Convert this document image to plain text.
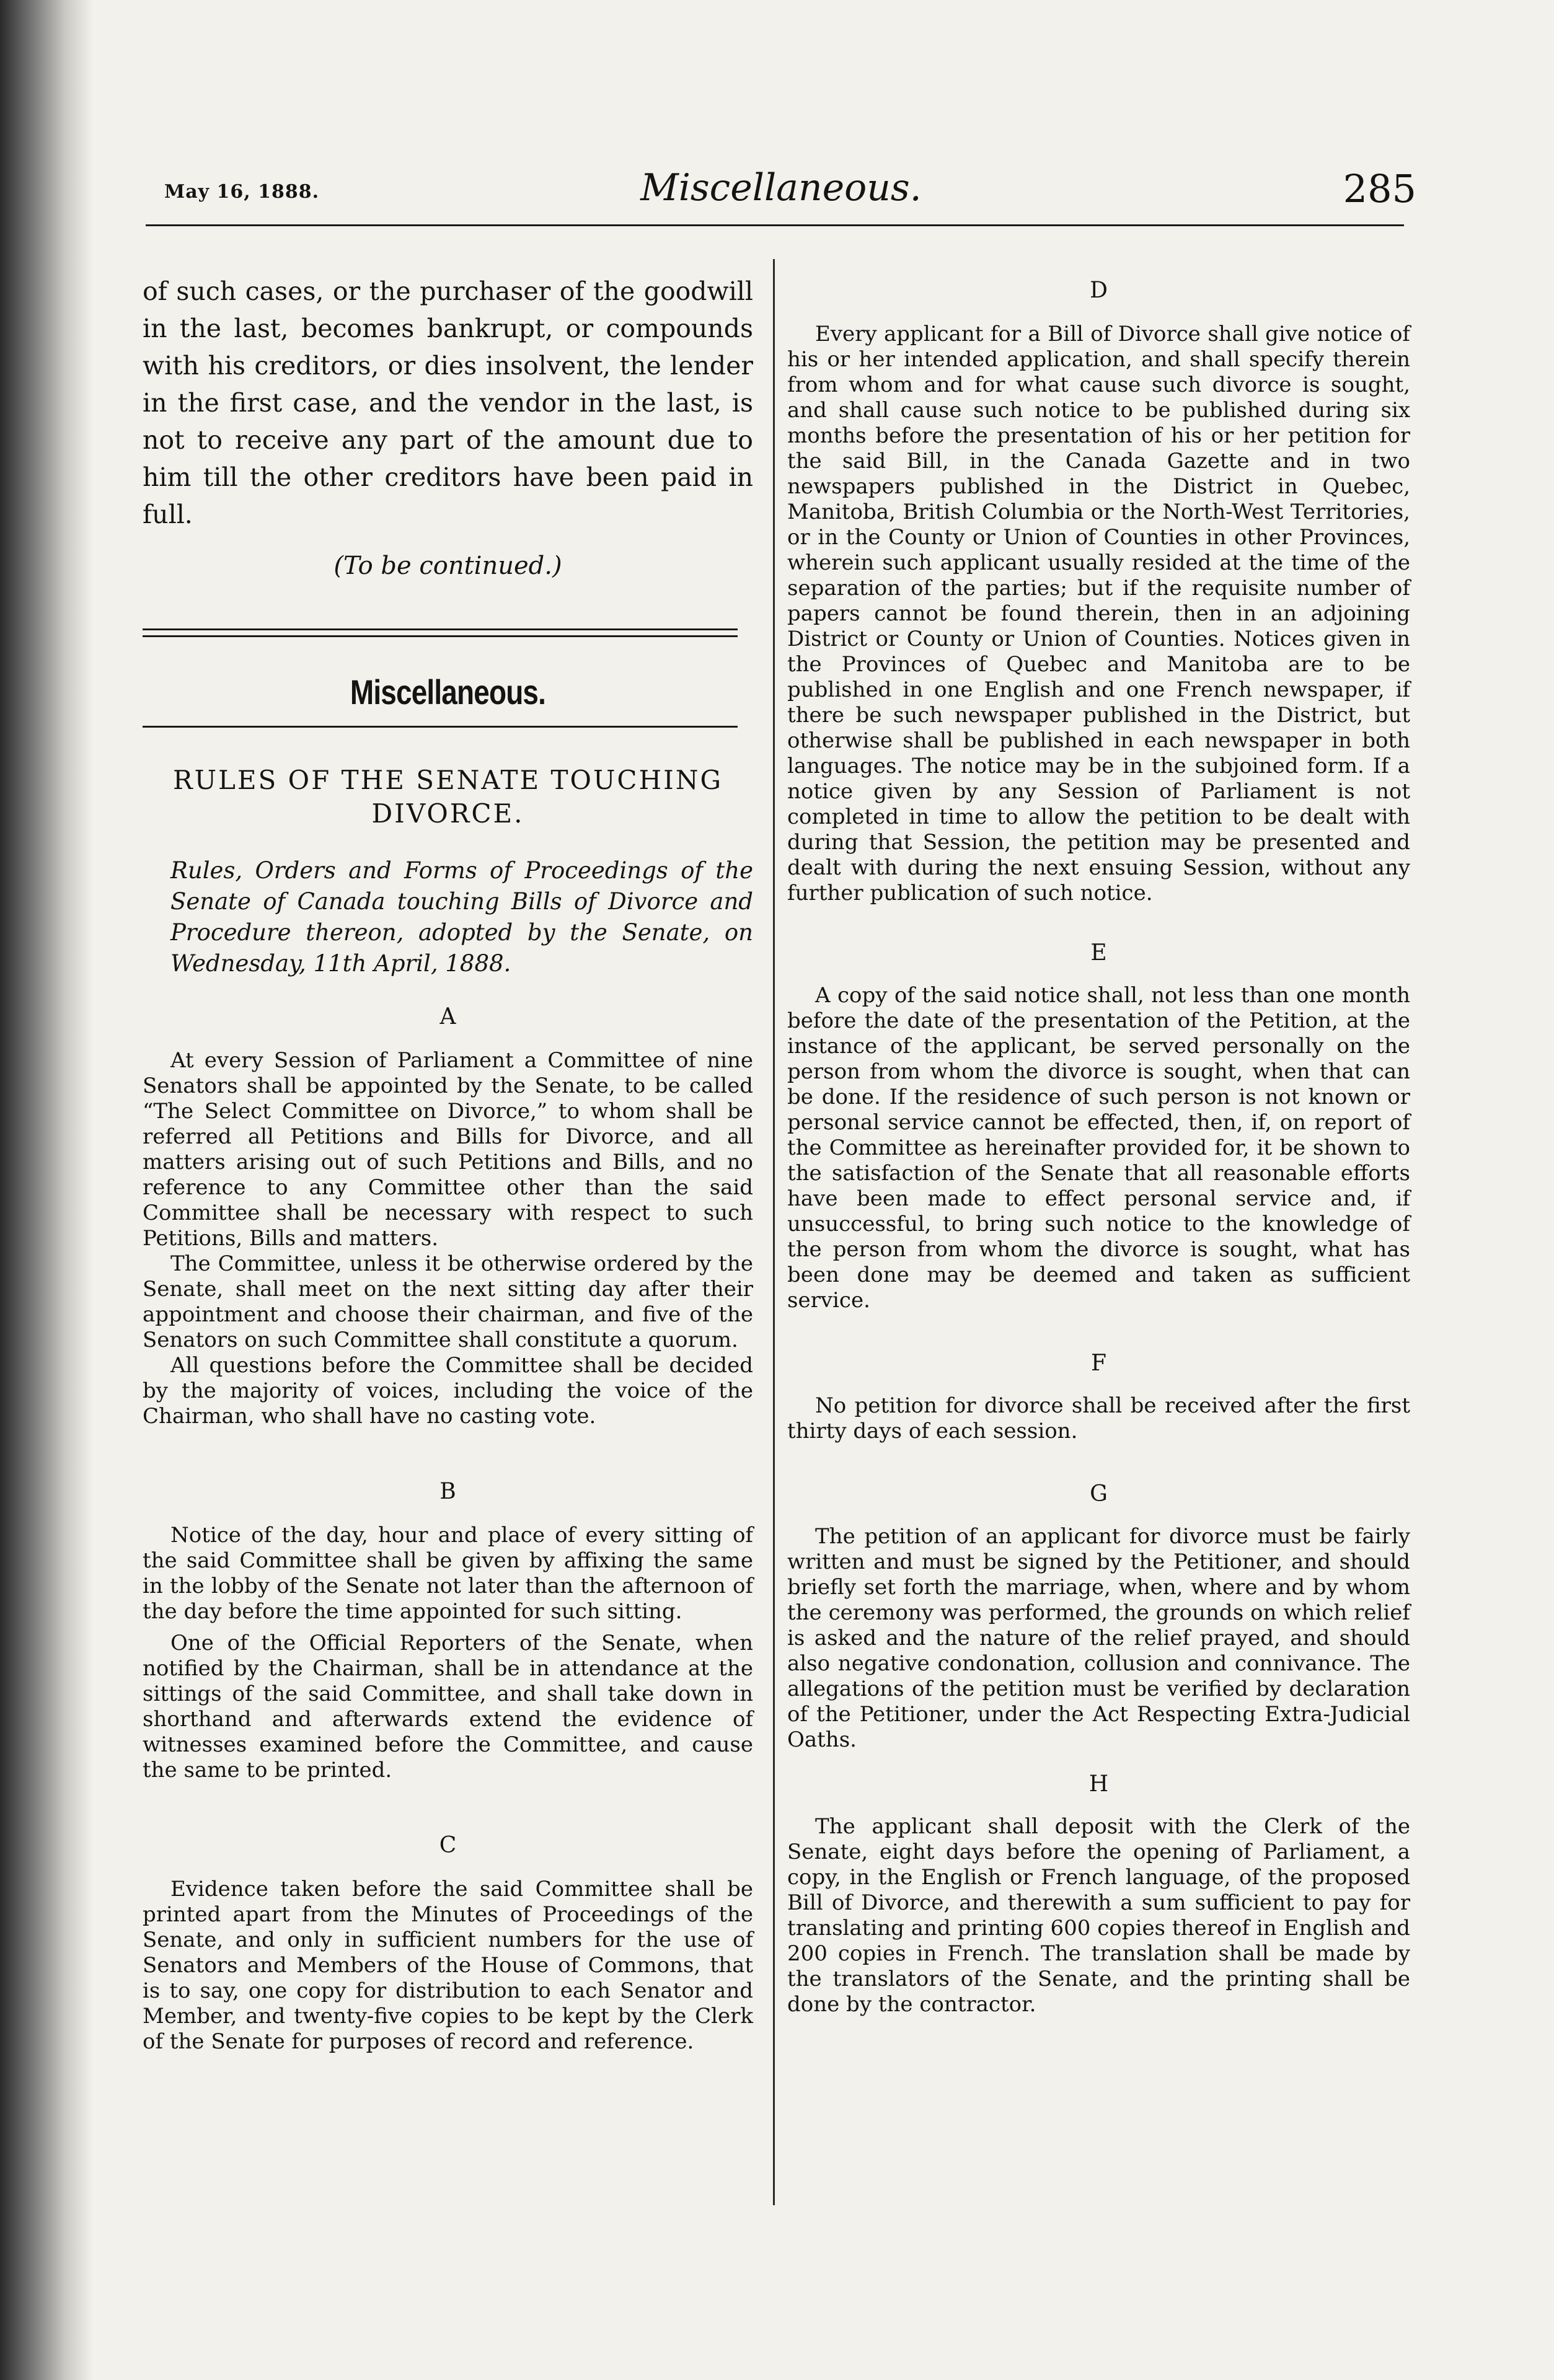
May 16, 1888.	Miscellaneous.	285

of such cases, or the purchaser of the goodwill in the last, becomes bankrupt, or compounds with his creditors, or dies insolvent, the lender in the first case, and the vendor in the last, is not to receive any part of the amount due to him till the other creditors have been paid in full.

(To be continued.)
Miscellaneous.
RULES OF THE SENATE TOUCHING DIVORCE.

Rules, Orders and Forms of Proceedings of the Senate of Canada touching Bills of Divorce and Procedure thereon, adopted by the Senate, on Wednesday, 11th April, 1888.

A

At every Session of Parliament a Committee of nine Senators shall be appointed by the Senate, to be called “The Select Committee on Divorce,” to whom shall be referred all Petitions and Bills for Divorce, and all matters arising out of such Petitions and Bills, and no reference to any Committee other than the said Committee shall be necessary with respect to such Petitions, Bills and matters.

The Committee, unless it be otherwise ordered by the Senate, shall meet on the next sitting day after their appointment and choose their chairman, and five of the Senators on such Committee shall constitute a quorum.

All questions before the Committee shall be decided by the majority of voices, including the voice of the Chairman, who shall have no casting vote.

B

Notice of the day, hour and place of every sitting of the said Committee shall be given by affixing the same in the lobby of the Senate not later than the afternoon of the day before the time appointed for such sitting.

One of the Official Reporters of the Senate, when notified by the Chairman, shall be in attendance at the sittings of the said Committee, and shall take down in shorthand and afterwards extend the evidence of witnesses examined before the Committee, and cause the same to be printed.

C

Evidence taken before the said Committee shall be printed apart from the Minutes of Proceedings of the Senate, and only in sufficient numbers for the use of Senators and Members of the House of Commons, that is to say, one copy for distribution to each Senator and Member, and twenty-five copies to be kept by the Clerk of the Senate for purposes of record and reference.

D

Every applicant for a Bill of Divorce shall give notice of his or her intended application, and shall specify therein from whom and for what cause such divorce is sought, and shall cause such notice to be published during six months before the presentation of his or her petition for the said Bill, in the Canada Gazette and in two newspapers published in the District in Quebec, Manitoba, British Columbia or the North-West Territories, or in the County or Union of Counties in other Provinces, wherein such applicant usually resided at the time of the separation of the parties; but if the requisite number of papers cannot be found therein, then in an adjoining District or County or Union of Counties. Notices given in the Provinces of Quebec and Manitoba are to be published in one English and one French newspaper, if there be such newspaper published in the District, but otherwise shall be published in each newspaper in both languages. The notice may be in the subjoined form. If a notice given by any Session of Parliament is not completed in time to allow the petition to be dealt with during that Session, the petition may be presented and dealt with during the next ensuing Session, without any further publication of such notice.

E

A copy of the said notice shall, not less than one month before the date of the presentation of the Petition, at the instance of the applicant, be served personally on the person from whom the divorce is sought, when that can be done. If the residence of such person is not known or personal service cannot be effected, then, if, on report of the Committee as hereinafter provided for, it be shown to the satisfaction of the Senate that all reasonable efforts have been made to effect personal service and, if unsuccessful, to bring such notice to the knowledge of the person from whom the divorce is sought, what has been done may be deemed and taken as sufficient service.

F

No petition for divorce shall be received after the first thirty days of each session.

G

The petition of an applicant for divorce must be fairly written and must be signed by the Petitioner, and should briefly set forth the marriage, when, where and by whom the ceremony was performed, the grounds on which relief is asked and the nature of the relief prayed, and should also negative condonation, collusion and connivance. The allegations of the petition must be verified by declaration of the Petitioner, under the Act Respecting Extra-Judicial Oaths.

H

The applicant shall deposit with the Clerk of the Senate, eight days before the opening of Parliament, a copy, in the English or French language, of the proposed Bill of Divorce, and therewith a sum sufficient to pay for translating and printing 600 copies thereof in English and 200 copies in French. The translation shall be made by the translators of the Senate, and the printing shall be done by the contractor.
